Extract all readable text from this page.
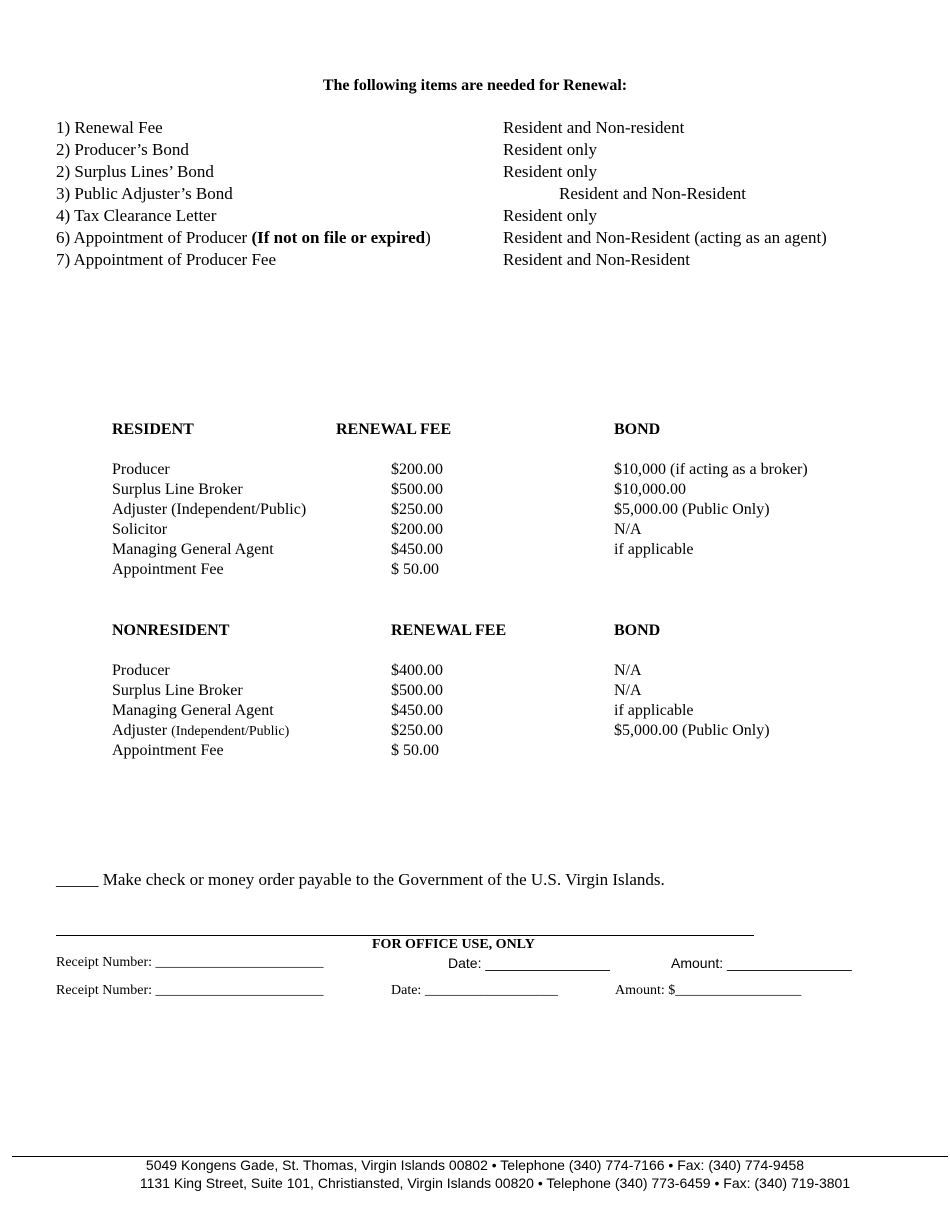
The following items are needed for Renewal:
1) Renewal Fee	Resident and Non-resident
2) Producer’s Bond	Resident only
2) Surplus Lines’ Bond	Resident only
3) Public Adjuster’s Bond	Resident and Non-Resident
4) Tax Clearance Letter	Resident only
6) Appointment of Producer (If not on file or expired)	Resident and Non-Resident (acting as an agent)
7) Appointment of Producer Fee	Resident and Non-Resident
RESIDENT	RENEWAL FEE	BOND
Producer	$200.00	$10,000 (if acting as a broker)
Surplus Line Broker	$500.00	$10,000.00
Adjuster (Independent/Public)	$250.00	$5,000.00 (Public Only)
Solicitor	$200.00	N/A
Managing General Agent	$450.00	if applicable
Appointment Fee	$ 50.00
NONRESIDENT	RENEWAL FEE	BOND
Producer	$400.00	N/A
Surplus Line Broker	$500.00	N/A
Managing General Agent	$450.00	if applicable
Adjuster (Independent/Public)	$250.00	$5,000.00 (Public Only)
Appointment Fee	$ 50.00
_____ Make check or money order payable to the Government of the U.S. Virgin Islands.
FOR OFFICE USE, ONLY
Receipt Number: ________________________	Date: ________________	Amount: ________________
Receipt Number: ________________________	Date: ___________________	Amount: $__________________
5049 Kongens Gade, St. Thomas, Virgin Islands 00802 • Telephone (340) 774-7166 • Fax: (340) 774-9458
1131 King Street, Suite 101, Christiansted, Virgin Islands 00820 • Telephone (340) 773-6459 • Fax: (340) 719-3801
